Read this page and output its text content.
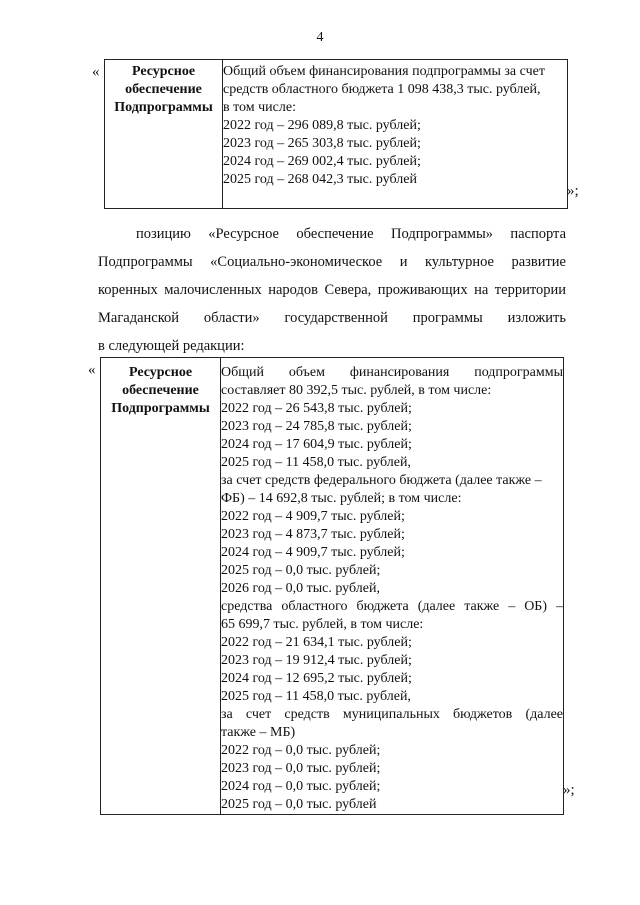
4
«	Ресурсное
обеспечение
Подпрограммы

Общий объем финансирования подпрограммы за счет
средств областного бюджета 1 098 438,3 тыс. рублей,
в том числе:
2022 год – 296 089,8 тыс. рублей;
2023 год – 265 303,8 тыс. рублей;
2024 год – 269 002,4 тыс. рублей;
2025 год – 268 042,3 тыс. рублей
»;
позицию «Ресурсное обеспечение Подпрограммы» паспорта
Подпрограммы «Социально-экономическое и культурное развитие
коренных малочисленных народов Севера, проживающих на территории
Магаданской области» государственной программы изложить
в следующей редакции:
«	Ресурсное
обеспечение
Подпрограммы

Общий объем финансирования подпрограммы
составляет 80 392,5 тыс. рублей, в том числе:
2022 год – 26 543,8 тыс. рублей;
2023 год – 24 785,8 тыс. рублей;
2024 год – 17 604,9 тыс. рублей;
2025 год – 11 458,0 тыс. рублей,
за счет средств федерального бюджета (далее также –
ФБ) – 14 692,8 тыс. рублей; в том числе:
2022 год – 4 909,7 тыс. рублей;
2023 год – 4 873,7 тыс. рублей;
2024 год – 4 909,7 тыс. рублей;
2025 год – 0,0 тыс. рублей;
2026 год – 0,0 тыс. рублей,
средства областного бюджета (далее также – ОБ) –
65 699,7 тыс. рублей, в том числе:
2022 год – 21 634,1 тыс. рублей;
2023 год – 19 912,4 тыс. рублей;
2024 год – 12 695,2 тыс. рублей;
2025 год – 11 458,0 тыс. рублей,
за счет средств муниципальных бюджетов (далее
также – МБ)
2022 год – 0,0 тыс. рублей;
2023 год – 0,0 тыс. рублей;
2024 год – 0,0 тыс. рублей;
2025 год – 0,0 тыс. рублей
»;
